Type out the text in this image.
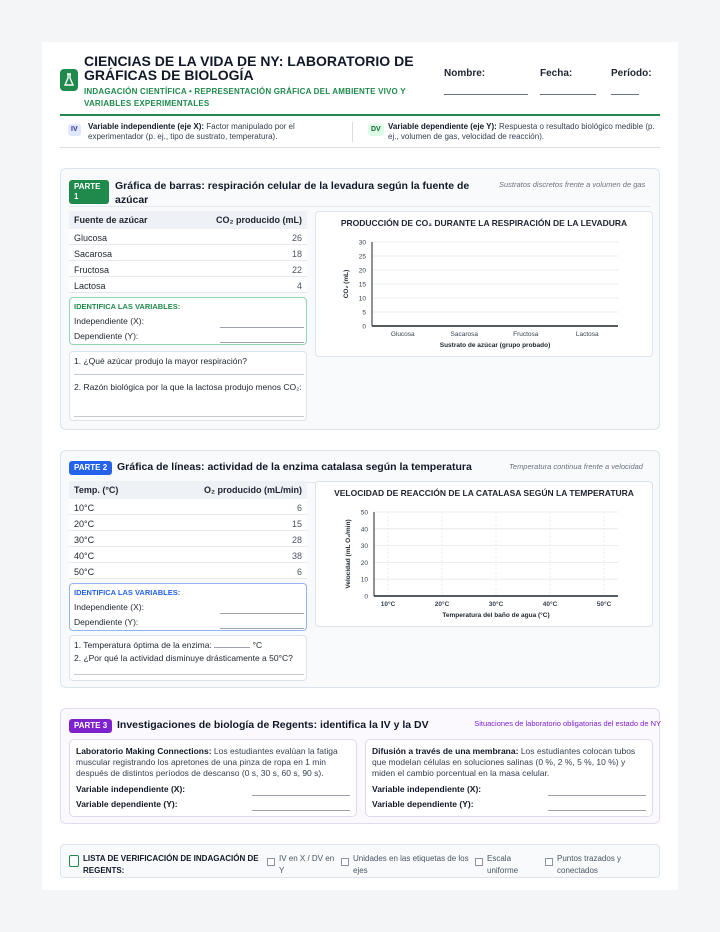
CIENCIAS DE LA VIDA DE NY: LABORATORIO DE GRÁFICAS DE BIOLOGÍA
INDAGACIÓN CIENTÍFICA • REPRESENTACIÓN GRÁFICA DEL AMBIENTE VIVO Y VARIABLES EXPERIMENTALES
Nombre:	Fecha:	Período:
IV	Variable independiente (eje X): Factor manipulado por el experimentador (p. ej., tipo de sustrato, temperatura).
DV Variable dependiente (eje Y): Respuesta o resultado biológico medible (p. ej., volumen de gas, velocidad de reacción).
PARTE 1
Gráfica de barras: respiración celular de la levadura según la fuente de azúcar
Sustratos discretos frente a volumen de gas
Fuente de azúcar	CO₂ producido (mL)
Glucosa	26
Sacarosa	18
Fructosa	22
Lactosa	4
IDENTIFICA LAS VARIABLES:
Independiente (X):
Dependiente (Y):
1. ¿Qué azúcar produjo la mayor respiración?
2. Razón biológica por la que la lactosa produjo menos CO₂:
PRODUCCIÓN DE CO₂ DURANTE LA RESPIRACIÓN DE LA LEVADURA
0
5
10
15
20
25
30
Glucosa	Sacarosa	Fructosa	Lactosa
Sustrato de azúcar (grupo probado)
CO₂ (mL)
PARTE 2 Gráfica de líneas: actividad de la enzima catalasa según la temperatura	Temperatura continua frente a velocidad
Temp. (°C)	O₂ producido (mL/min)
10°C	6
20°C	15
30°C	28
40°C	38
50°C	6
IDENTIFICA LAS VARIABLES:
Independiente (X):
Dependiente (Y):
1. Temperatura óptima de la enzima:	°C
2. ¿Por qué la actividad disminuye drásticamente a 50°C?
VELOCIDAD DE REACCIÓN DE LA CATALASA SEGÚN LA TEMPERATURA
0
10
20
30
40
50
10°C	20°C	30°C	40°C	50°C
Temperatura del baño de agua (°C)
Velocidad (mL O₂/min)
PARTE 3 Investigaciones de biología de Regents: identifica la IV y la DV	Situaciones de laboratorio obligatorias del estado de NY
Laboratorio Making Connections: Los estudiantes evalúan la fatiga muscular registrando los apretones de una pinza de ropa en 1 min después de distintos períodos de descanso (0 s, 30 s, 60 s, 90 s).
Variable independiente (X):
Variable dependiente (Y):
Difusión a través de una membrana: Los estudiantes colocan tubos que modelan células en soluciones salinas (0 %, 2 %, 5 %, 10 %) y miden el cambio porcentual en la masa celular.
Variable independiente (X):
Variable dependiente (Y):
LISTA DE VERIFICACIÓN DE INDAGACIÓN DE REGENTS:
IV en X / DV en Y
Unidades en las etiquetas de los ejes
Escala uniforme
Puntos trazados y conectados
